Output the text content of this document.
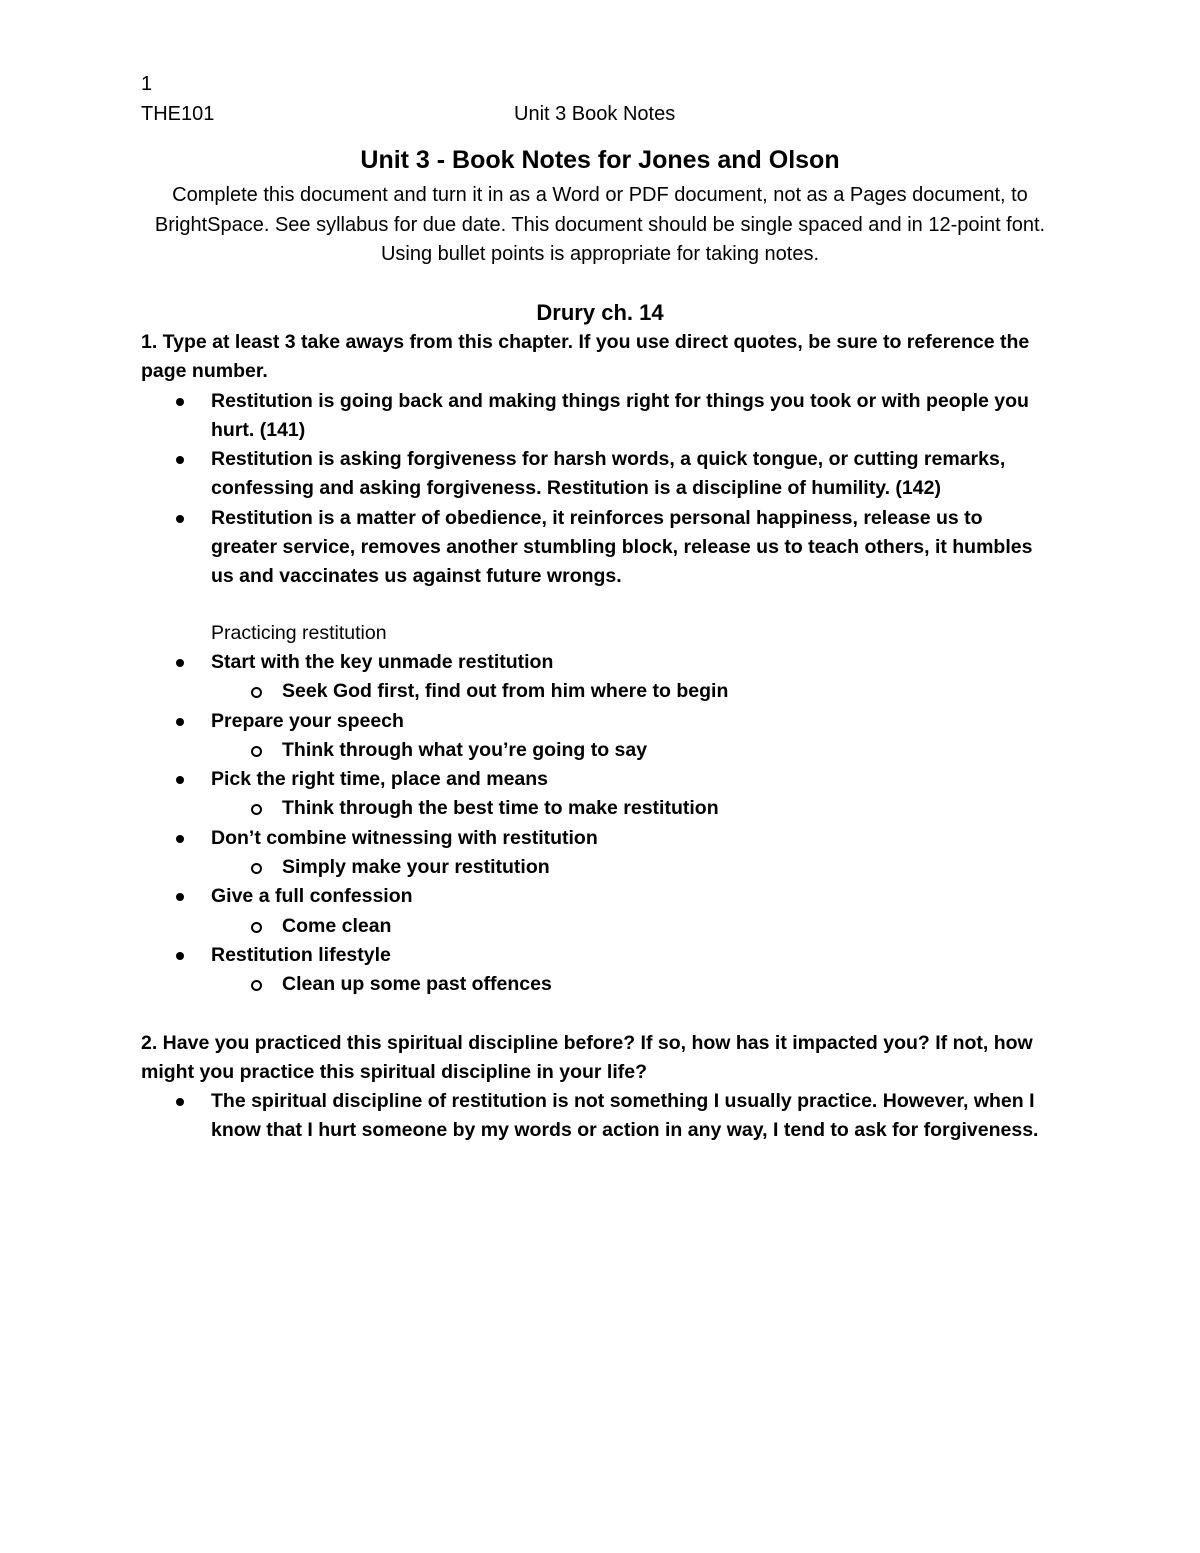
1
THE101	Unit 3 Book Notes
Unit 3 - Book Notes for Jones and Olson
Complete this document and turn it in as a Word or PDF document, not as a Pages document, to BrightSpace. See syllabus for due date. This document should be single spaced and in 12-point font. Using bullet points is appropriate for taking notes.
Drury ch. 14

1. Type at least 3 take aways from this chapter. If you use direct quotes, be sure to reference the page number.

Restitution is going back and making things right for things you took or with people you hurt. (141)
Restitution is asking forgiveness for harsh words, a quick tongue, or cutting remarks, confessing and asking forgiveness. Restitution is a discipline of humility. (142)
Restitution is a matter of obedience, it reinforces personal happiness, release us to greater service, removes another stumbling block, release us to teach others, it humbles us and vaccinates us against future wrongs.
Practicing restitution
Start with the key unmade restitution
Seek God first, find out from him where to begin
Prepare your speech
Think through what you’re going to say
Pick the right time, place and means
Think through the best time to make restitution
Don’t combine witnessing with restitution
Simply make your restitution
Give a full confession
Come clean
Restitution lifestyle
Clean up some past offences

2. Have you practiced this spiritual discipline before? If so, how has it impacted you? If not, how might you practice this spiritual discipline in your life?

The spiritual discipline of restitution is not something I usually practice. However, when I know that I hurt someone by my words or action in any way, I tend to ask for forgiveness.
